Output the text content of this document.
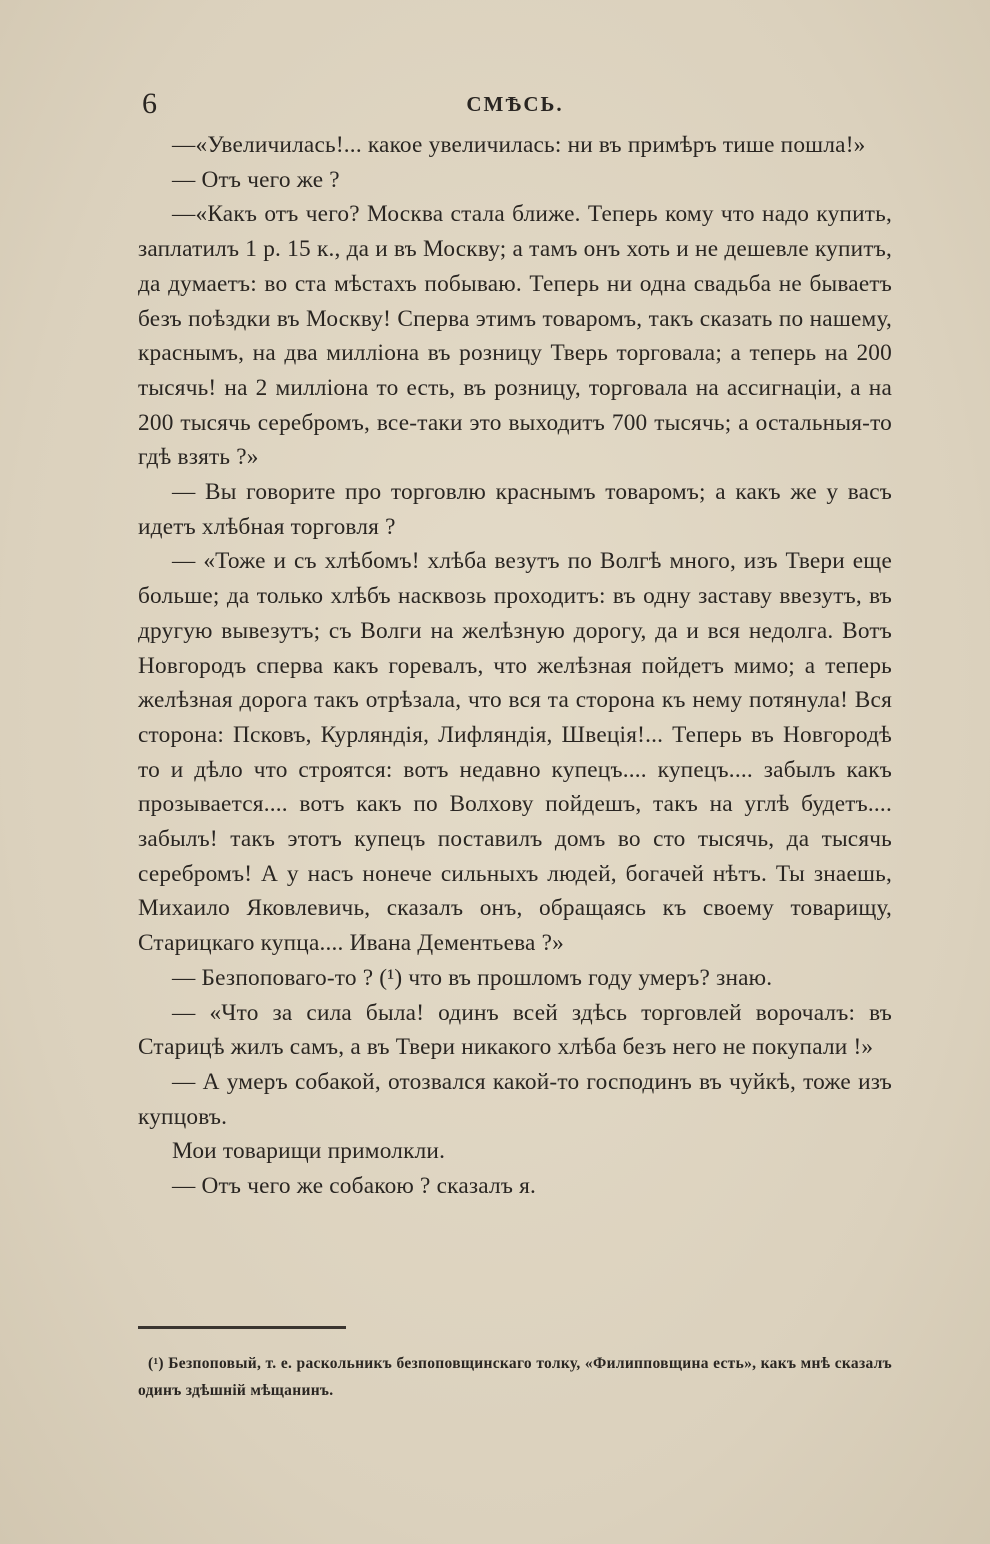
6	СМѢСЬ.

—«Увеличилась!... какое увеличилась: ни въ примѣръ тише пошла!»

— Отъ чего же ?

—«Какъ отъ чего? Москва стала ближе. Теперь кому что надо купить, заплатилъ 1 р. 15 к., да и въ Москву; а тамъ онъ хоть и не дешевле купитъ, да думаетъ: во ста мѣстахъ побываю. Теперь ни одна свадьба не бываетъ безъ поѣздки въ Москву! Сперва этимъ товаромъ, такъ сказать по нашему, краснымъ, на два милліона въ розницу Тверь торговала; а теперь на 200 тысячь! на 2 милліона то есть, въ розницу, торговала на ассигнаціи, а на 200 тысячь серебромъ, все-таки это выходитъ 700 тысячь; а остальныя-то гдѣ взять ?»

— Вы говорите про торговлю краснымъ товаромъ; а какъ же у васъ идетъ хлѣбная торговля ?

— «Тоже и съ хлѣбомъ! хлѣба везутъ по Волгѣ много, изъ Твери еще больше; да только хлѣбъ насквозь проходитъ: въ одну заставу ввезутъ, въ другую вывезутъ; съ Волги на желѣзную дорогу, да и вся недолга. Вотъ Новгородъ сперва какъ горевалъ, что желѣзная пойдетъ мимо; а теперь желѣзная дорога такъ отрѣзала, что вся та сторона къ нему потянула! Вся сторона: Псковъ, Курляндія, Лифляндія, Швеція!... Теперь въ Новгородѣ то и дѣло что строятся: вотъ недавно купецъ.... купецъ.... забылъ какъ прозывается.... вотъ какъ по Волхову пойдешъ, такъ на углѣ будетъ.... забылъ! такъ этотъ купецъ поставилъ домъ во сто тысячь, да тысячь серебромъ! А у насъ нонече сильныхъ людей, богачей нѣтъ. Ты знаешь, Михаило Яковлевичь, сказалъ онъ, обращаясь къ своему товарищу, Старицкаго купца.... Ивана Дементьева ?»

— Безпоповаго-то ? (¹) что въ прошломъ году умеръ? знаю.

— «Что за сила была! одинъ всей здѣсь торговлей ворочалъ: въ Старицѣ жилъ самъ, а въ Твери никакого хлѣба безъ него не покупали !»

— А умеръ собакой, отозвался какой-то господинъ въ чуйкѣ, тоже изъ купцовъ.

Мои товарищи примолкли.

— Отъ чего же собакою ? сказалъ я.

(¹) Безпоповый, т. е. раскольникъ безпоповщинскаго толку, «Филипповщина есть», какъ мнѣ сказалъ одинъ здѣшній мѣщанинъ.
